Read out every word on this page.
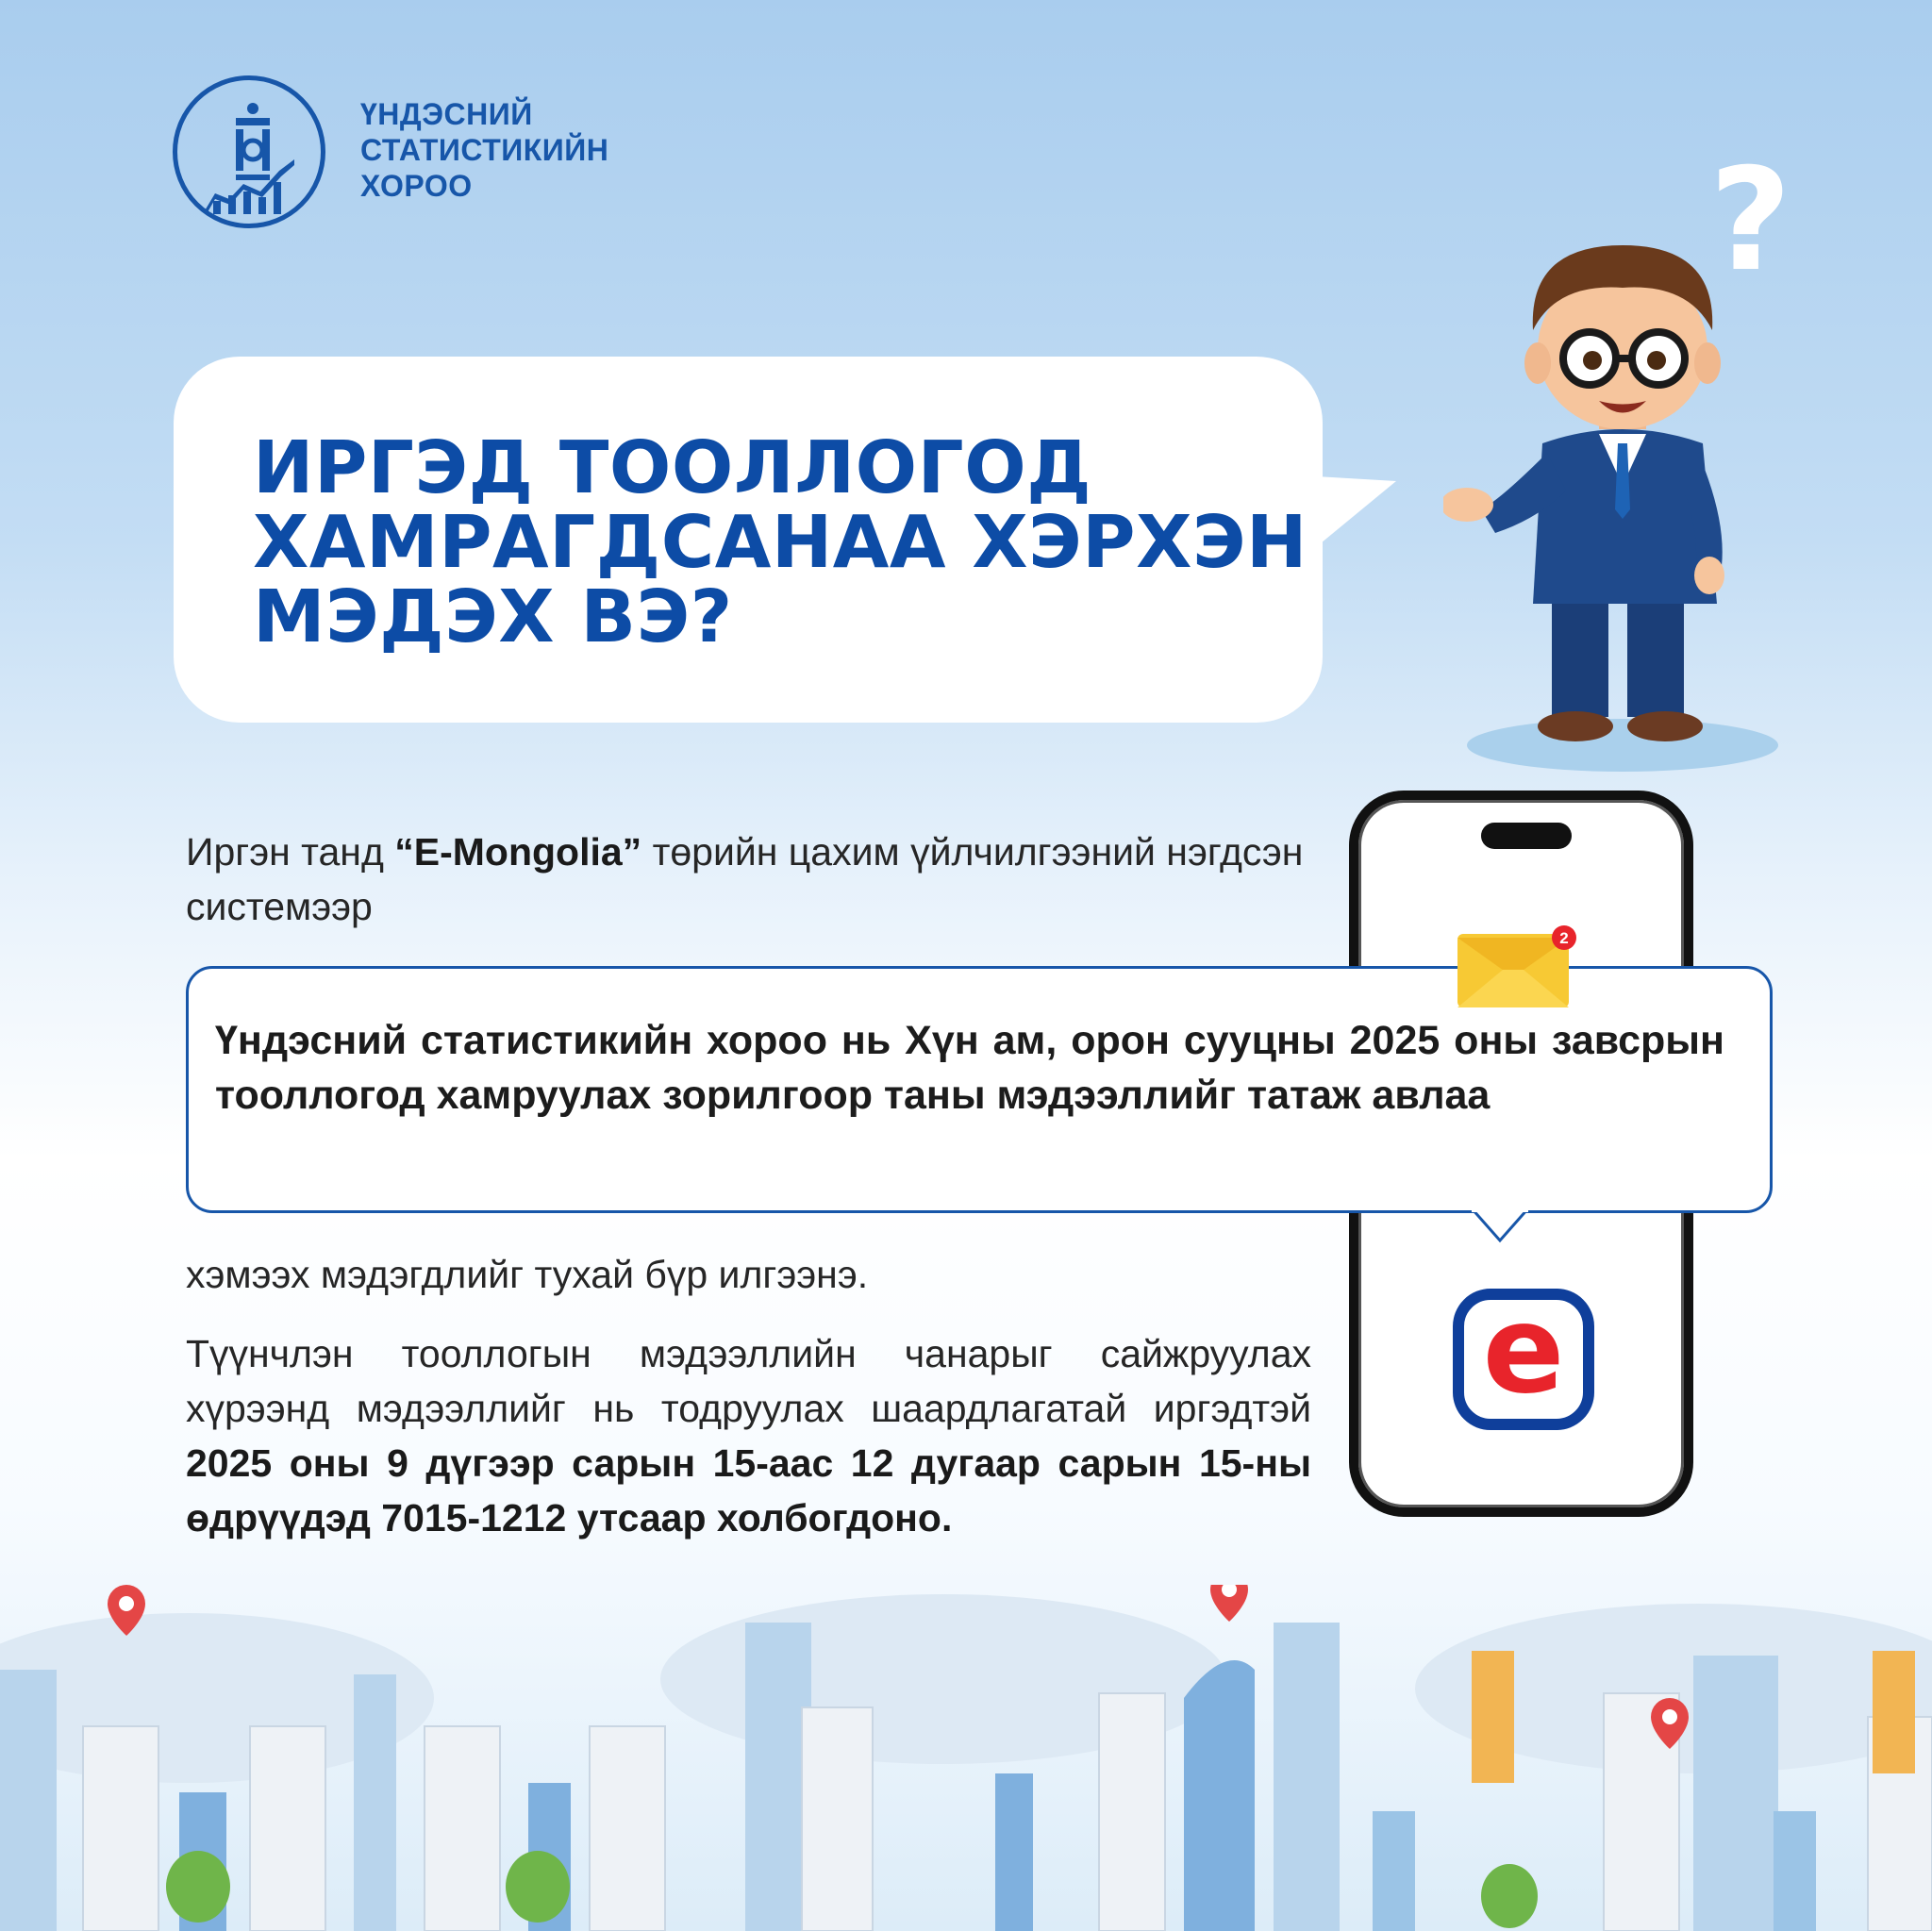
ҮНДЭСНИЙ
СТАТИСТИКИЙН
ХОРОО
ИРГЭД ТООЛЛОГОД
ХАМРАГДСАНАА ХЭРХЭН
МЭДЭХ ВЭ?
?
Иргэн танд “E-Mongolia” төрийн цахим үйлчилгээний нэгдсэн системээр
e
Үндэсний статистикийн хороо нь Хүн ам, орон сууцны 2025 оны завсрын тооллогод хамруулах зорилгоор таны мэдээллийг татаж авлаа
2
хэмээх мэдэгдлийг тухай бүр илгээнэ.
Түүнчлэн тооллогын мэдээллийн чанарыг сайжруулах хүрээнд мэдээллийг нь тодруулах шаардлагатай иргэдтэй 2025 оны 9 дүгээр сарын 15-аас 12 дугаар сарын 15-ны өдрүүдэд 7015-1212 утсаар холбогдоно.
